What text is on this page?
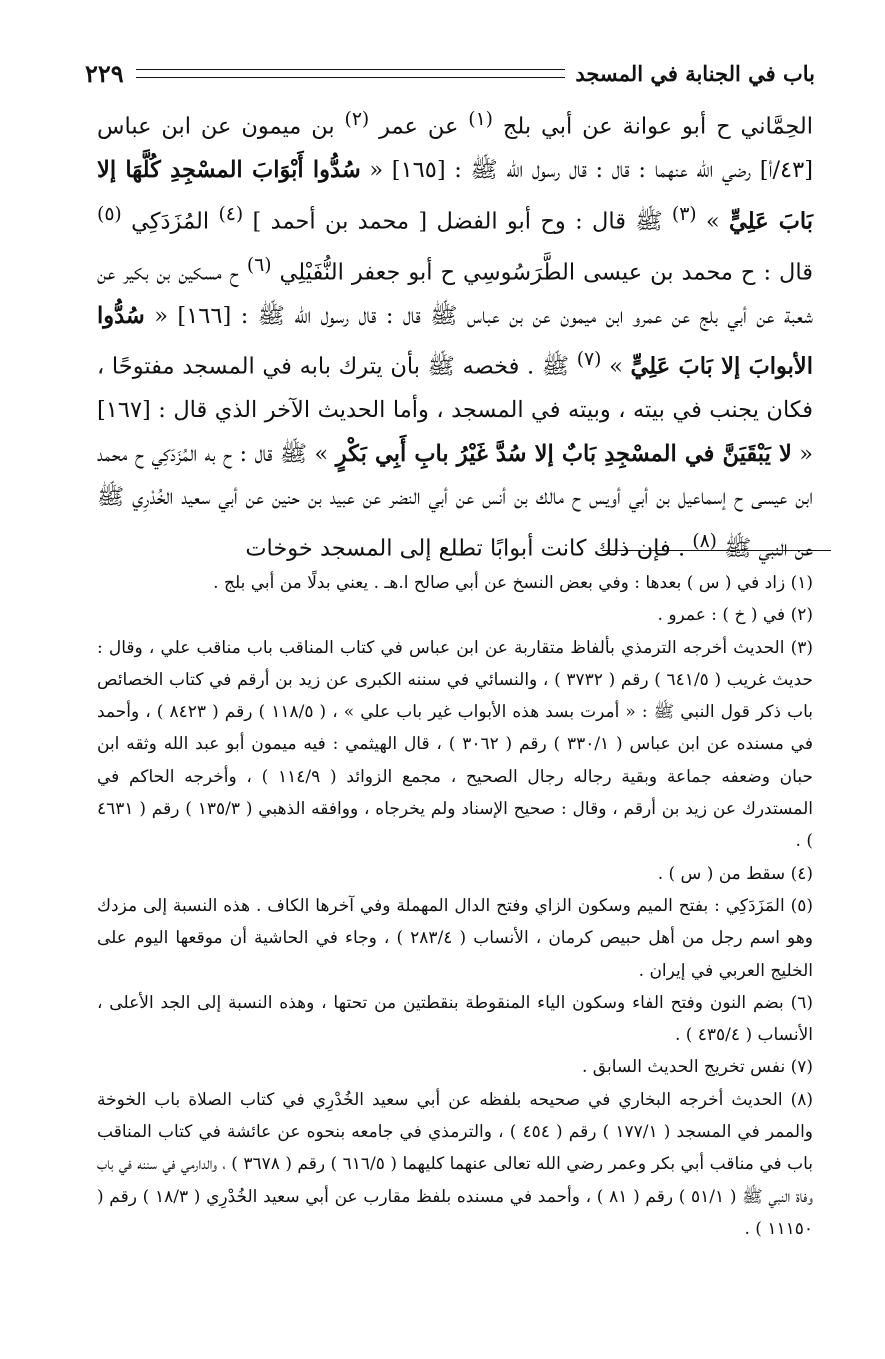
باب في الجنابة في المسجد
٢٢٩

الحِمَّاني ح أبو عوانة عن أبي بلج $^{(١)}$ عن عمر $^{(٢)}$ بن ميمون عن ابن عباس [٤٣/أ] رضي الله عنهما : قال : قال رسول الله ﷺ : [١٦٥] « سُدُّوا أَبْوَابَ المسْجِدِ كُلَّهَا إلا بَابَ عَلِيٍّ » $^{(٣)}$ ﷺ قال : وح أبو الفضل [ محمد بن أحمد ] $^{(٤)}$ المُزَدَكِي $^{(٥)}$ قال : ح محمد بن عيسى الطَّرَسُوسِي ح أبو جعفر النُّفَيْلِي $^{(٦)}$ ح مسكين بن بكير عن شعبة عن أبي بلج عن عمرو ابن ميمون عن بن عباس ﷺ قال : قال رسول الله ﷺ : [١٦٦] « سُدُّوا الأبوابَ إلا بَابَ عَلِيٍّ » $^{(٧)}$ ﷺ . فخصه ﷺ بأن يترك بابه في المسجد مفتوحًا ، فكان يجنب في بيته ، وبيته في المسجد ، وأما الحديث الآخر الذي قال : [١٦٧] « لا يَبْقَيَنَّ في المسْجِدِ بَابٌ إلا سُدَّ غَيْرُ بابِ أَبِي بَكْرٍ » ﷺ قال : ح به المُزَدَكِي ح محمد ابن عيسى ح إسماعيل بن أبي أويس ح مالك بن أنس عن أبي النضر عن عبيد بن حنين عن أبي سعيد الخُدْرِي ﷺ عن النبي ﷺ $^{(٨)}$ . فإن ذلك كانت أبوابًا تطلع إلى المسجد خوخات

(١) زاد في ( س ) بعدها : وفي بعض النسخ عن أبي صالح ا.هـ . يعني بدلًا من أبي بلج .

(٢) في ( خ ) : عمرو .

(٣) الحديث أخرجه الترمذي بألفاظ متقاربة عن ابن عباس في كتاب المناقب باب مناقب علي ، وقال : حديث غريب ( ٦٤١/٥ ) رقم ( ٣٧٣٢ ) ، والنسائي في سننه الكبرى عن زيد بن أرقم في كتاب الخصائص باب ذكر قول النبي ﷺ : « أمرت بسد هذه الأبواب غير باب علي » ، ( ١١٨/٥ ) رقم ( ٨٤٢٣ ) ، وأحمد في مسنده عن ابن عباس ( ٣٣٠/١ ) رقم ( ٣٠٦٢ ) ، قال الهيثمي : فيه ميمون أبو عبد الله وثقه ابن حبان وضعفه جماعة وبقية رجاله رجال الصحيح ، مجمع الزوائد ( ١١٤/٩ ) ، وأخرجه الحاكم في المستدرك عن زيد بن أرقم ، وقال : صحيح الإسناد ولم يخرجاه ، ووافقه الذهبي ( ١٣٥/٣ ) رقم ( ٤٦٣١ ) .

(٤) سقط من ( س ) .

(٥) المَزَدَكِي : بفتح الميم وسكون الزاي وفتح الدال المهملة وفي آخرها الكاف . هذه النسبة إلى مزدك وهو اسم رجل من أهل حبيص كرمان ، الأنساب ( ٢٨٣/٤ ) ، وجاء في الحاشية أن موقعها اليوم على الخليج العربي في إيران .

(٦) بضم النون وفتح الفاء وسكون الياء المنقوطة بنقطتين من تحتها ، وهذه النسبة إلى الجد الأعلى ، الأنساب ( ٤٣٥/٤ ) .

(٧) نفس تخريج الحديث السابق .

(٨) الحديث أخرجه البخاري في صحيحه بلفظه عن أبي سعيد الخُدْرِي في كتاب الصلاة باب الخوخة والممر في المسجد ( ١٧٧/١ ) رقم ( ٤٥٤ ) ، والترمذي في جامعه بنحوه عن عائشة في كتاب المناقب باب في مناقب أبي بكر وعمر رضي الله تعالى عنهما كليهما ( ٦١٦/٥ ) رقم ( ٣٦٧٨ ) ، والدارمي في سننه في باب وفاة النبي ﷺ ( ٥١/١ ) رقم ( ٨١ ) ، وأحمد في مسنده بلفظ مقارب عن أبي سعيد الخُدْرِي ( ١٨/٣ ) رقم ( ١١١٥٠ ) .
